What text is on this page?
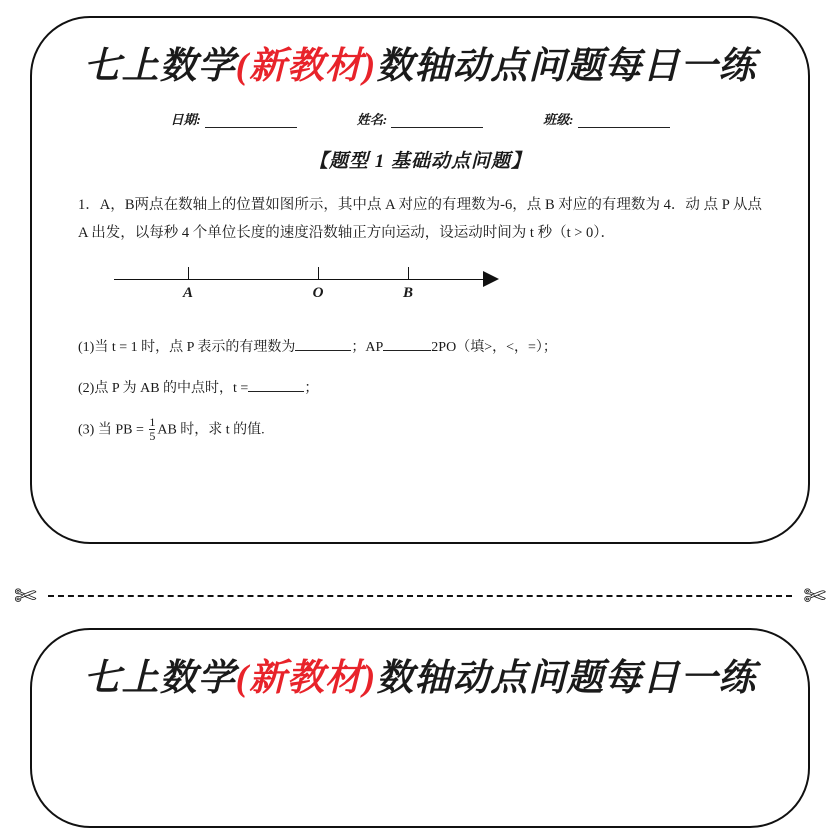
七上数学(新教材)数轴动点问题每日一练
日期:	姓名:	班级:
【题型 1 基础动点问题】
1．A，B两点在数轴上的位置如图所示，其中点 A 对应的有理数为-6，点 B 对应的有理数为 4．动 点 P 从点 A 出发，以每秒 4 个单位长度的速度沿数轴正方向运动，设运动时间为 t 秒（t > 0）．
A	O	B
(1)当 t = 1 时，点 P 表示的有理数为	；AP	2PO（填>，<，=）；
(2)点 P 为 AB 的中点时，t =	；
(3) 当 PB = $\frac{1}{5}$ AB 时，求 t 的值.
✄	✄
七上数学(新教材)数轴动点问题每日一练
